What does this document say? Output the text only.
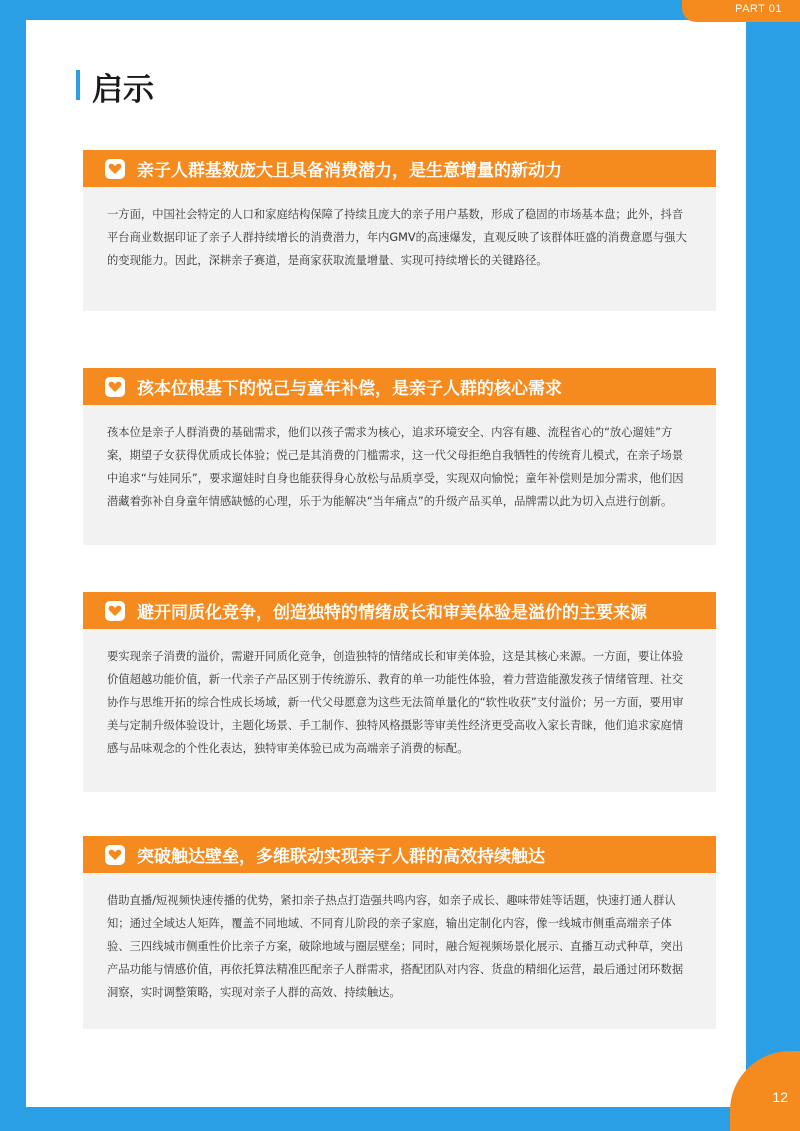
PART 01
12
启示
亲子人群基数庞大且具备消费潜力，是生意增量的新动力

一方面，中国社会特定的人口和家庭结构保障了持续且庞大的亲子用户基数，形成了稳固的市场基本盘；此外，抖音平台商业数据印证了亲子人群持续增长的消费潜力，年内GMV的高速爆发，直观反映了该群体旺盛的消费意愿与强大的变现能力。因此，深耕亲子赛道，是商家获取流量增量、实现可持续增长的关键路径。

孩本位根基下的悦己与童年补偿，是亲子人群的核心需求

孩本位是亲子人群消费的基础需求，他们以孩子需求为核心，追求环境安全、内容有趣、流程省心的“放心遛娃”方案，期望子女获得优质成长体验；悦己是其消费的门槛需求，这一代父母拒绝自我牺牲的传统育儿模式，在亲子场景中追求“与娃同乐”，要求遛娃时自身也能获得身心放松与品质享受，实现双向愉悦；童年补偿则是加分需求，他们因潜藏着弥补自身童年情感缺憾的心理，乐于为能解决“当年痛点”的升级产品买单，品牌需以此为切入点进行创新。

避开同质化竞争，创造独特的情绪成长和审美体验是溢价的主要来源

要实现亲子消费的溢价，需避开同质化竞争，创造独特的情绪成长和审美体验，这是其核心来源。一方面，要让体验价值超越功能价值，新一代亲子产品区别于传统游乐、教育的单一功能性体验，着力营造能激发孩子情绪管理、社交协作与思维开拓的综合性成长场域，新一代父母愿意为这些无法简单量化的“软性收获”支付溢价；另一方面，要用审美与定制升级体验设计，主题化场景、手工制作、独特风格摄影等审美性经济更受高收入家长青睐，他们追求家庭情感与品味观念的个性化表达，独特审美体验已成为高端亲子消费的标配。

突破触达壁垒，多维联动实现亲子人群的高效持续触达

借助直播/短视频快速传播的优势，紧扣亲子热点打造强共鸣内容，如亲子成长、趣味带娃等话题，快速打通人群认知；通过全域达人矩阵，覆盖不同地域、不同育儿阶段的亲子家庭，输出定制化内容，像一线城市侧重高端亲子体验、三四线城市侧重性价比亲子方案，破除地域与圈层壁垒；同时，融合短视频场景化展示、直播互动式种草，突出产品功能与情感价值，再依托算法精准匹配亲子人群需求，搭配团队对内容、货盘的精细化运营，最后通过闭环数据洞察，实时调整策略，实现对亲子人群的高效、持续触达。
